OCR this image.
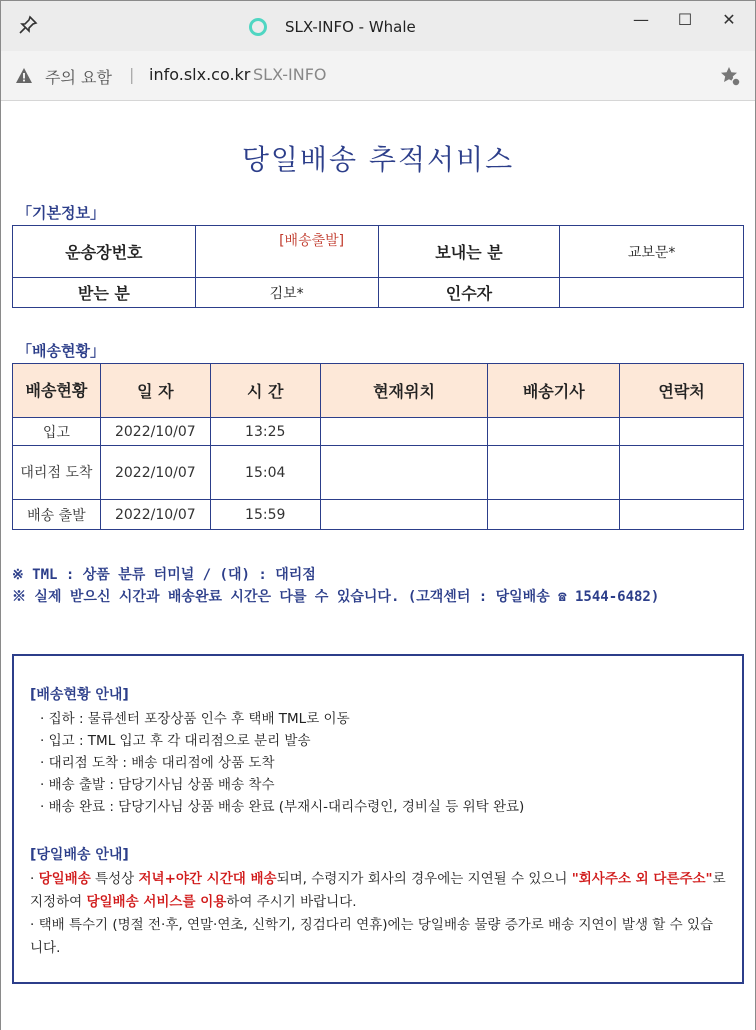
SLX-INFO - Whale	— ☐ ✕
주의 요함 | info.slx.co.kr SLX-INFO
당일배송 추적서비스
「기본정보」
운송장번호	[배송출발]	보내는 분	교보문*
받는 분	김보*	인수자	
「배송현황」
배송현황	일 자	시 간	현재위치	배송기사	연락처
입고	2022/10/07	13:25			
대리점 도착	2022/10/07	15:04			
배송 출발	2022/10/07	15:59			
※ TML : 상품 분류 터미널 / (대) : 대리점
※ 실제 받으신 시간과 배송완료 시간은 다를 수 있습니다. (고객센터 : 당일배송 ☎ 1544-6482)
[배송현황 안내]
· 집하 : 물류센터 포장상품 인수 후 택배 TML로 이동
· 입고 : TML 입고 후 각 대리점으로 분리 발송
· 대리점 도착 : 배송 대리점에 상품 도착
· 배송 출발 : 담당기사님 상품 배송 착수
· 배송 완료 : 담당기사님 상품 배송 완료 (부재시-대리수령인, 경비실 등 위탁 완료)
[당일배송 안내]

· 당일배송 특성상 저녁+야간 시간대 배송되며, 수령지가 회사의 경우에는 지연될 수 있으니 "회사주소 외 다른주소"로 지정하여 당일배송 서비스를 이용하여 주시기 바랍니다.

· 택배 특수기 (명절 전·후, 연말·연초, 신학기, 징검다리 연휴)에는 당일배송 물량 증가로 배송 지연이 발생 할 수 있습니다.
